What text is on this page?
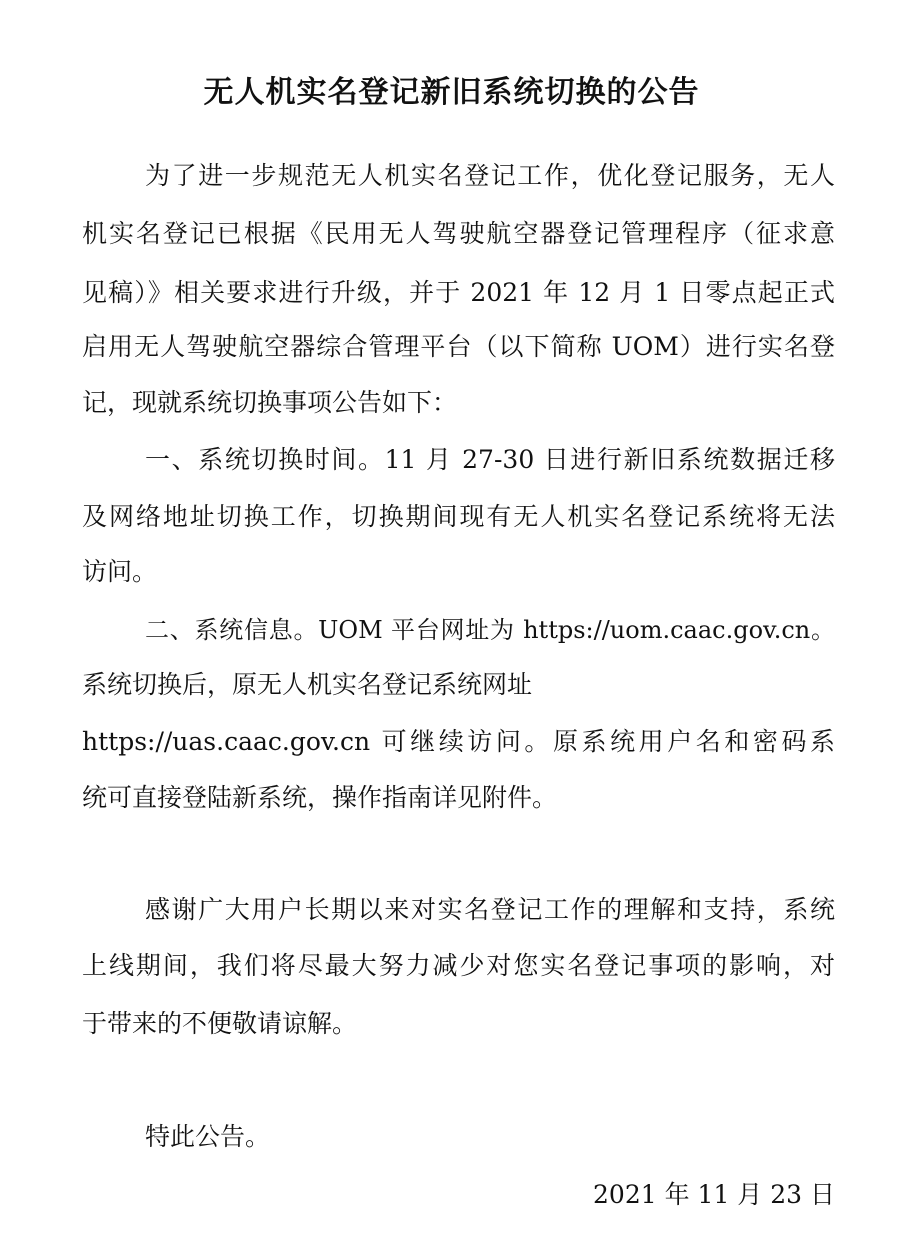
无人机实名登记新旧系统切换的公告
为了进一步规范无人机实名登记工作，优化登记服务，无人
机实名登记已根据《民用无人驾驶航空器登记管理程序（征求意
见稿）》相关要求进行升级，并于 2021 年 12 月 1 日零点起正式
启用无人驾驶航空器综合管理平台（以下简称 UOM）进行实名登
记，现就系统切换事项公告如下：
一、系统切换时间。11 月 27-30 日进行新旧系统数据迁移
及网络地址切换工作，切换期间现有无人机实名登记系统将无法
访问。
二、系统信息。UOM 平台网址为 https://uom.caac.gov.cn。
系统切换后，原无人机实名登记系统网址
https://uas.caac.gov.cn 可继续访问。原系统用户名和密码系
统可直接登陆新系统，操作指南详见附件。
感谢广大用户长期以来对实名登记工作的理解和支持，系统
上线期间，我们将尽最大努力减少对您实名登记事项的影响，对
于带来的不便敬请谅解。
特此公告。
2021 年 11 月 23 日
